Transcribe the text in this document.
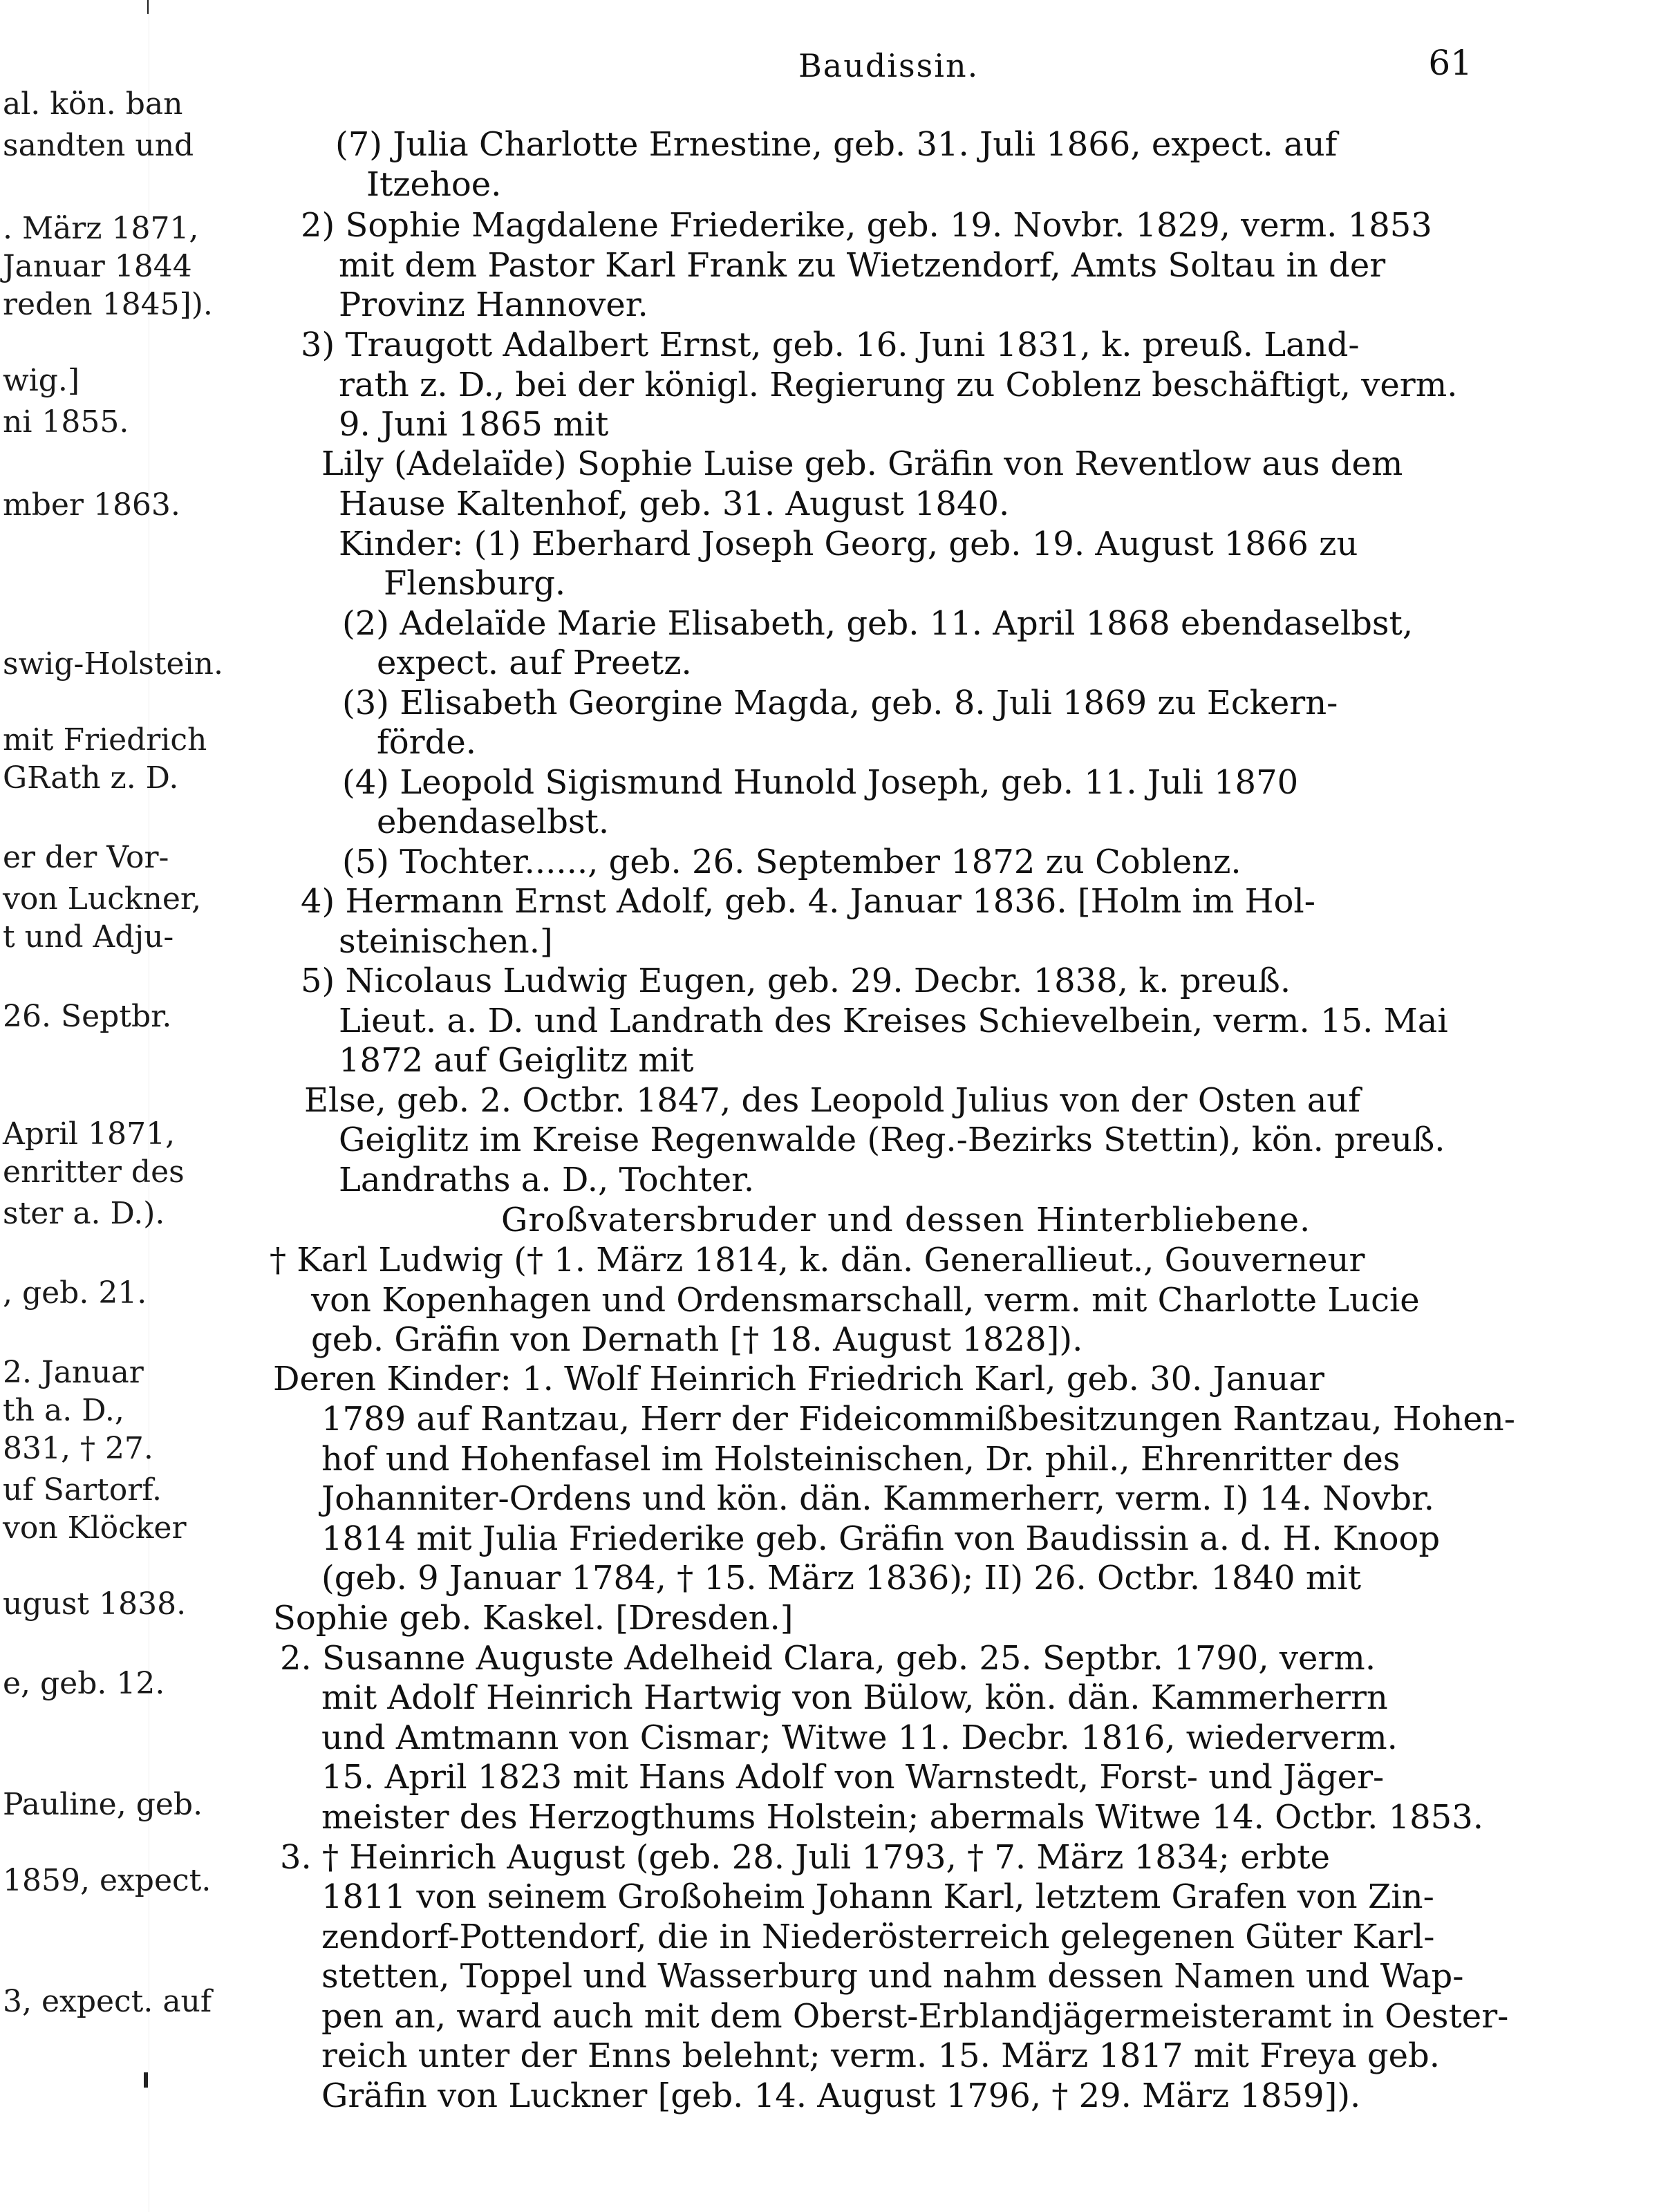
al. kön. ban
sandten und
. März 1871,
Januar 1844
reden 1845]).
wig.]
ni 1855.
mber 1863.
swig-Holstein.
mit Friedrich
GRath z. D.
er der Vor-
von Luckner,
t und Adju-
26. Septbr.
April 1871,
enritter des
ster a. D.).
, geb. 21.
2. Januar
th a. D.,
831, † 27.
uf Sartorf.
von Klöcker
ugust 1838.
e, geb. 12.
Pauline, geb.
1859, expect.
3, expect. auf
Baudissin.	61
(7) Julia Charlotte Ernestine, geb. 31. Juli 1866, expect. auf
Itzehoe.
2) Sophie Magdalene Friederike, geb. 19. Novbr. 1829, verm. 1853
mit dem Pastor Karl Frank zu Wietzendorf, Amts Soltau in der
Provinz Hannover.
3) Traugott Adalbert Ernst, geb. 16. Juni 1831, k. preuß. Land-
rath z. D., bei der königl. Regierung zu Coblenz beschäftigt, verm.
9. Juni 1865 mit
Lily (Adelaïde) Sophie Luise geb. Gräfin von Reventlow aus dem
Hause Kaltenhof, geb. 31. August 1840.
Kinder: (1) Eberhard Joseph Georg, geb. 19. August 1866 zu
Flensburg.
(2) Adelaïde Marie Elisabeth, geb. 11. April 1868 ebendaselbst,
expect. auf Preetz.
(3) Elisabeth Georgine Magda, geb. 8. Juli 1869 zu Eckern-
förde.
(4) Leopold Sigismund Hunold Joseph, geb. 11. Juli 1870
ebendaselbst.
(5) Tochter......, geb. 26. September 1872 zu Coblenz.
4) Hermann Ernst Adolf, geb. 4. Januar 1836. [Holm im Hol-
steinischen.]
5) Nicolaus Ludwig Eugen, geb. 29. Decbr. 1838, k. preuß.
Lieut. a. D. und Landrath des Kreises Schievelbein, verm. 15. Mai
1872 auf Geiglitz mit
Else, geb. 2. Octbr. 1847, des Leopold Julius von der Osten auf
Geiglitz im Kreise Regenwalde (Reg.-Bezirks Stettin), kön. preuß.
Landraths a. D., Tochter.
Großvatersbruder und dessen Hinterbliebene.
† Karl Ludwig († 1. März 1814, k. dän. Generallieut., Gouverneur
von Kopenhagen und Ordensmarschall, verm. mit Charlotte Lucie
geb. Gräfin von Dernath [† 18. August 1828]).
Deren Kinder: 1. Wolf Heinrich Friedrich Karl, geb. 30. Januar
1789 auf Rantzau, Herr der Fideicommißbesitzungen Rantzau, Hohen-
hof und Hohenfasel im Holsteinischen, Dr. phil., Ehrenritter des
Johanniter-Ordens und kön. dän. Kammerherr, verm. I) 14. Novbr.
1814 mit Julia Friederike geb. Gräfin von Baudissin a. d. H. Knoop
(geb. 9 Januar 1784, † 15. März 1836); II) 26. Octbr. 1840 mit
Sophie geb. Kaskel. [Dresden.]
2. Susanne Auguste Adelheid Clara, geb. 25. Septbr. 1790, verm.
mit Adolf Heinrich Hartwig von Bülow, kön. dän. Kammerherrn
und Amtmann von Cismar; Witwe 11. Decbr. 1816, wiederverm.
15. April 1823 mit Hans Adolf von Warnstedt, Forst- und Jäger-
meister des Herzogthums Holstein; abermals Witwe 14. Octbr. 1853.
3. † Heinrich August (geb. 28. Juli 1793, † 7. März 1834; erbte
1811 von seinem Großoheim Johann Karl, letztem Grafen von Zin-
zendorf-Pottendorf, die in Niederösterreich gelegenen Güter Karl-
stetten, Toppel und Wasserburg und nahm dessen Namen und Wap-
pen an, ward auch mit dem Oberst-Erblandjägermeisteramt in Oester-
reich unter der Enns belehnt; verm. 15. März 1817 mit Freya geb.
Gräfin von Luckner [geb. 14. August 1796, † 29. März 1859]).
